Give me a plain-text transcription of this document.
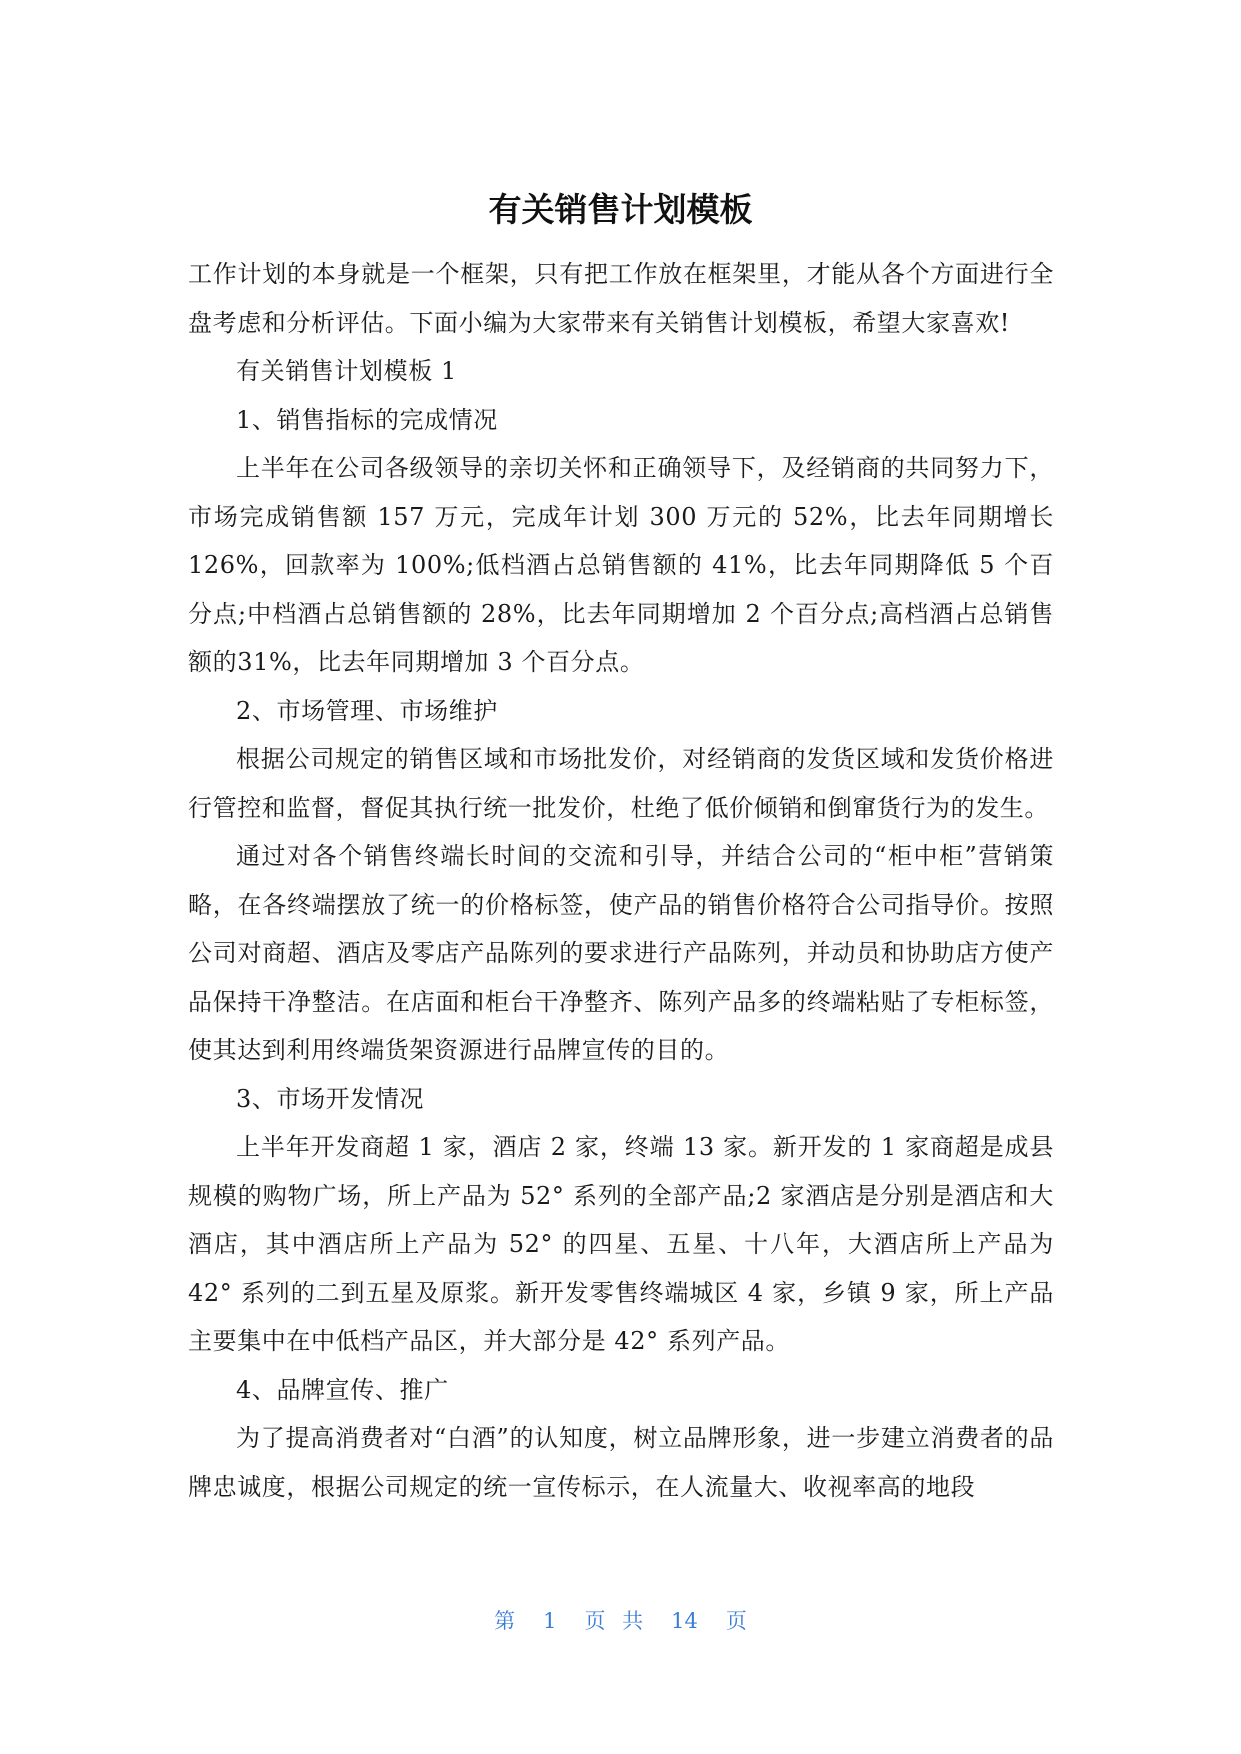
有关销售计划模板

工作计划的本身就是一个框架，只有把工作放在框架里，才能从各个方面进行全盘考虑和分析评估。下面小编为大家带来有关销售计划模板，希望大家喜欢!

有关销售计划模板 1

1、销售指标的完成情况

上半年在公司各级领导的亲切关怀和正确领导下，及经销商的共同努力下，市场完成销售额 157 万元，完成年计划 300 万元的 52%，比去年同期增长126%，回款率为 100%;低档酒占总销售额的 41%，比去年同期降低 5 个百分点;中档酒占总销售额的 28%，比去年同期增加 2 个百分点;高档酒占总销售额的31%，比去年同期增加 3 个百分点。

2、市场管理、市场维护

根据公司规定的销售区域和市场批发价，对经销商的发货区域和发货价格进行管控和监督，督促其执行统一批发价，杜绝了低价倾销和倒窜货行为的发生。

通过对各个销售终端长时间的交流和引导，并结合公司的“柜中柜”营销策略，在各终端摆放了统一的价格标签，使产品的销售价格符合公司指导价。按照公司对商超、酒店及零店产品陈列的要求进行产品陈列，并动员和协助店方使产品保持干净整洁。在店面和柜台干净整齐、陈列产品多的终端粘贴了专柜标签，使其达到利用终端货架资源进行品牌宣传的目的。

3、市场开发情况

上半年开发商超 1 家，酒店 2 家，终端 13 家。新开发的 1 家商超是成县规模的购物广场，所上产品为 52° 系列的全部产品;2 家酒店是分别是酒店和大酒店，其中酒店所上产品为 52° 的四星、五星、十八年，大酒店所上产品为 42° 系列的二到五星及原浆。新开发零售终端城区 4 家，乡镇 9 家，所上产品主要集中在中低档产品区，并大部分是 42° 系列产品。

4、品牌宣传、推广

为了提高消费者对“白酒”的认知度，树立品牌形象，进一步建立消费者的品牌忠诚度，根据公司规定的统一宣传标示，在人流量大、收视率高的地段

第 1 页 共 14 页
